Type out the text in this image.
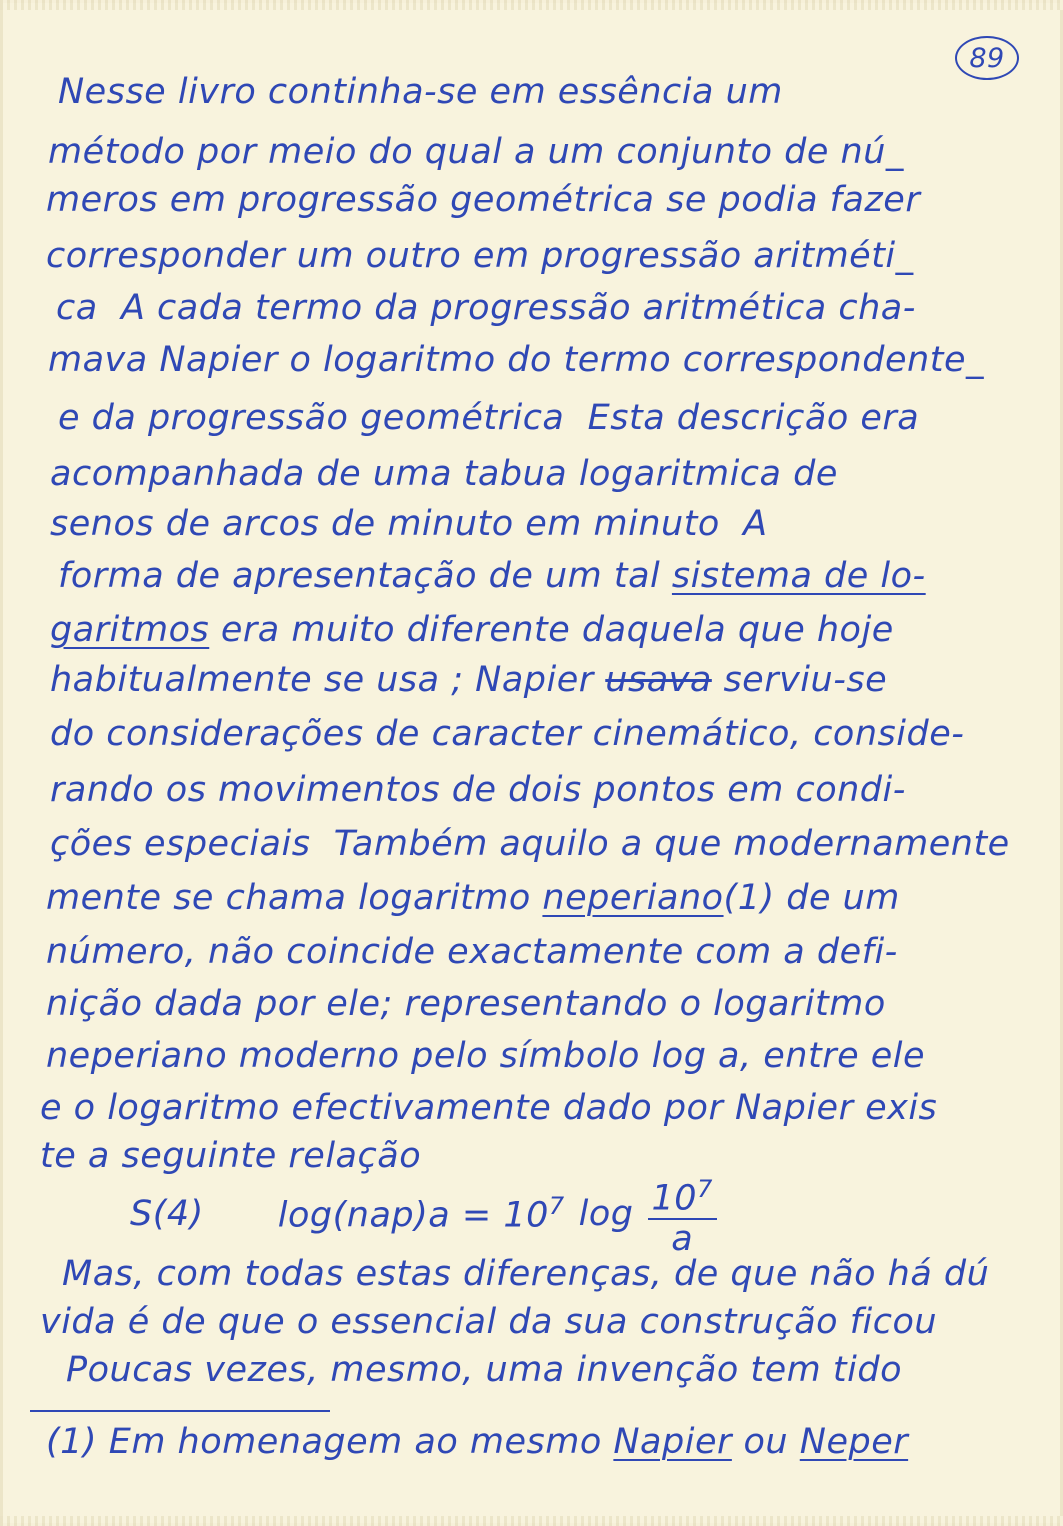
89
Nesse livro continha-se em essência um
método por meio do qual a um conjunto de nú_
meros em progressão geométrica se podia fazer
corresponder um outro em progressão aritméti_
ca  A cada termo da progressão aritmética cha-
mava Napier o logaritmo do termo correspondente_
e da progressão geométrica  Esta descrição era
acompanhada de uma tabua logaritmica de
senos de arcos de minuto em minuto  A
forma de apresentação de um tal sistema de lo-
garitmos era muito diferente daquela que hoje
habitualmente se usa ; Napier usava serviu-se
do considerações de caracter cinemático, conside-
rando os movimentos de dois pontos em condi-
ções especiais  Também aquilo a que modernamente
mente se chama logaritmo neperiano(1) de um
número, não coincide exactamente com a defi-
nição dada por ele; representando o logaritmo
neperiano moderno pelo símbolo log a, entre ele
e o logaritmo efectivamente dado por Napier exis
te a seguinte relação
S(4) $\log(nap)a = 10^7$ $\log \frac{10^7}{a}$
Mas, com todas estas diferenças, de que não há dú
vida é de que o essencial da sua construção ficou
Poucas vezes, mesmo, uma invenção tem tido
(1) Em homenagem ao mesmo Napier ou Neper
